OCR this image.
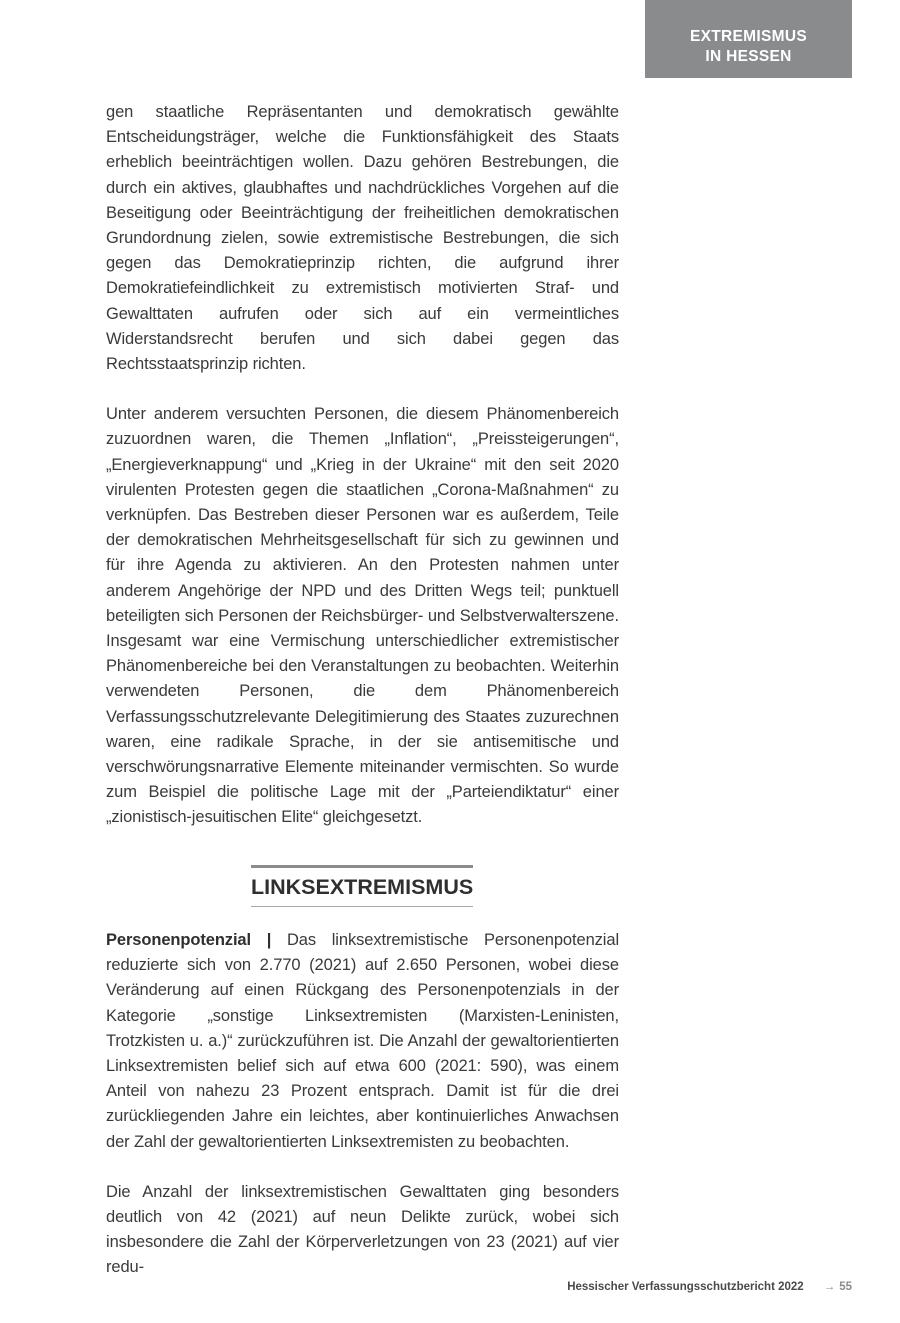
EXTREMISMUS
IN HESSEN

gen staatliche Repräsentanten und demokratisch gewählte Entscheidungsträger, welche die Funktionsfähigkeit des Staats erheblich beeinträchtigen wollen. Dazu gehören Bestrebungen, die durch ein aktives, glaubhaftes und nachdrückliches Vorgehen auf die Beseitigung oder Beeinträchtigung der freiheitlichen demokratischen Grundordnung zielen, sowie extremistische Bestrebungen, die sich gegen das Demokratieprinzip richten, die aufgrund ihrer Demokratiefeindlichkeit zu extremistisch motivierten Straf- und Gewalttaten aufrufen oder sich auf ein vermeintliches Widerstandsrecht berufen und sich dabei gegen das Rechtsstaatsprinzip richten.

Unter anderem versuchten Personen, die diesem Phänomenbereich zuzuordnen waren, die Themen „Inflation“, „Preissteigerungen“, „Energieverknappung“ und „Krieg in der Ukraine“ mit den seit 2020 virulenten Protesten gegen die staatlichen „Corona-Maßnahmen“ zu verknüpfen. Das Bestreben dieser Personen war es außerdem, Teile der demokratischen Mehrheitsgesellschaft für sich zu gewinnen und für ihre Agenda zu aktivieren. An den Protesten nahmen unter anderem Angehörige der NPD und des Dritten Wegs teil; punktuell beteiligten sich Personen der Reichsbürger- und Selbstverwalterszene. Insgesamt war eine Vermischung unterschiedlicher extremistischer Phänomenbereiche bei den Veranstaltungen zu beobachten. Weiterhin verwendeten Personen, die dem Phänomenbereich Verfassungsschutzrelevante Delegitimierung des Staates zuzurechnen waren, eine radikale Sprache, in der sie antisemitische und verschwörungsnarrative Elemente miteinander vermischten. So wurde zum Beispiel die politische Lage mit der „Parteiendiktatur“ einer „zionistisch-jesuitischen Elite“ gleichgesetzt.

LINKSEXTREMISMUS

Personenpotenzial | Das linksextremistische Personenpotenzial reduzierte sich von 2.770 (2021) auf 2.650 Personen, wobei diese Veränderung auf einen Rückgang des Personenpotenzials in der Kategorie „sonstige Linksextremisten (Marxisten-Leninisten, Trotzkisten u. a.)“ zurückzuführen ist. Die Anzahl der gewaltorientierten Linksextremisten belief sich auf etwa 600 (2021: 590), was einem Anteil von nahezu 23 Prozent entsprach. Damit ist für die drei zurückliegenden Jahre ein leichtes, aber kontinuierliches Anwachsen der Zahl der gewaltorientierten Linksextremisten zu beobachten.

Die Anzahl der linksextremistischen Gewalttaten ging besonders deutlich von 42 (2021) auf neun Delikte zurück, wobei sich insbesondere die Zahl der Körperverletzungen von 23 (2021) auf vier redu-

Hessischer Verfassungsschutzbericht 2022 → 55
